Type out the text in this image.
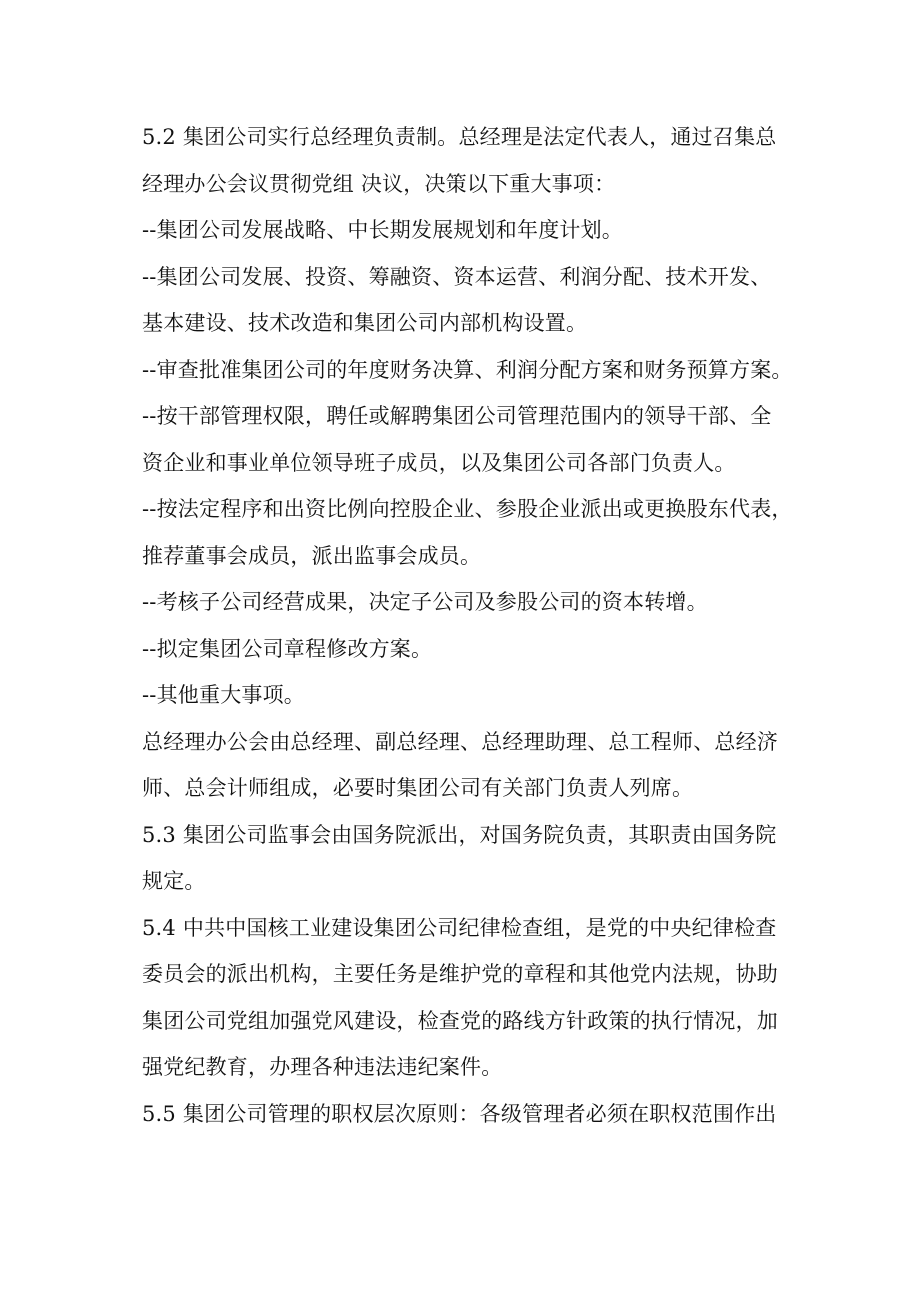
5.2 集团公司实行总经理负责制。总经理是法定代表人，通过召集总
经理办公会议贯彻党组 决议，决策以下重大事项：
--集团公司发展战略、中长期发展规划和年度计划。
--集团公司发展、投资、筹融资、资本运营、利润分配、技术开发、
基本建设、技术改造和集团公司内部机构设置。
--审查批准集团公司的年度财务决算、利润分配方案和财务预算方案。
--按干部管理权限，聘任或解聘集团公司管理范围内的领导干部、全
资企业和事业单位领导班子成员，以及集团公司各部门负责人。
--按法定程序和出资比例向控股企业、参股企业派出或更换股东代表，
推荐董事会成员，派出监事会成员。
--考核子公司经营成果，决定子公司及参股公司的资本转增。
--拟定集团公司章程修改方案。
--其他重大事项。
总经理办公会由总经理、副总经理、总经理助理、总工程师、总经济
师、总会计师组成，必要时集团公司有关部门负责人列席。
5.3 集团公司监事会由国务院派出，对国务院负责，其职责由国务院
规定。
5.4 中共中国核工业建设集团公司纪律检查组，是党的中央纪律检查
委员会的派出机构，主要任务是维护党的章程和其他党内法规，协助
集团公司党组加强党风建设，检查党的路线方针政策的执行情况，加
强党纪教育，办理各种违法违纪案件。
5.5 集团公司管理的职权层次原则：各级管理者必须在职权范围作出
